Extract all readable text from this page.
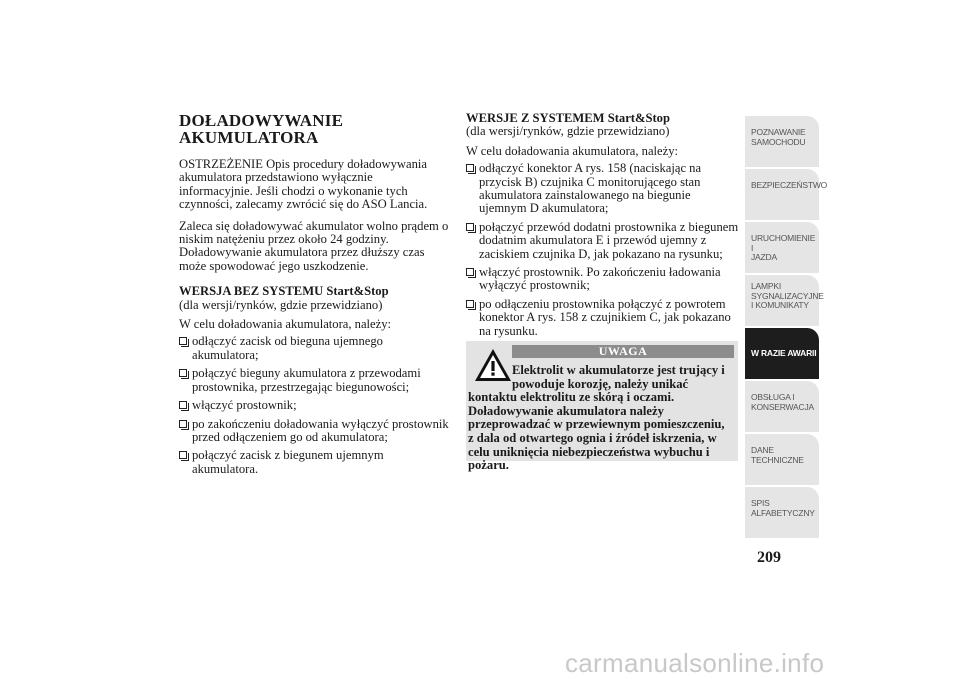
DOŁADOWYWANIE
AKUMULATORA

OSTRZEŻENIE Opis procedury doładowywania akumulatora przedstawiono wyłącznie informacyjnie. Jeśli chodzi o wykonanie tych czynności, zalecamy zwrócić się do ASO Lancia.

Zaleca się doładowywać akumulator wolno prądem o niskim natężeniu przez około 24 godziny. Doładowywanie akumulatora przez dłuższy czas może spowodować jego uszkodzenie.

WERSJA BEZ SYSTEMU Start&Stop

(dla wersji/rynków, gdzie przewidziano)

W celu doładowania akumulatora, należy:

odłączyć zacisk od bieguna ujemnego akumulatora;
połączyć bieguny akumulatora z przewodami prostownika, przestrzegając biegunowości;
włączyć prostownik;
po zakończeniu doładowania wyłączyć prostownik przed odłączeniem go od akumulatora;
połączyć zacisk z biegunem ujemnym akumulatora.

WERSJE Z SYSTEMEM Start&Stop

(dla wersji/rynków, gdzie przewidziano)

W celu doładowania akumulatora, należy:

odłączyć konektor A rys. 158 (naciskając na przycisk B) czujnika C monitorującego stan akumulatora zainstalowanego na biegunie ujemnym D akumulatora;
połączyć przewód dodatni prostownika z biegunem dodatnim akumulatora E i przewód ujemny z zaciskiem czujnika D, jak pokazano na rysunku;
włączyć prostownik. Po zakończeniu ładowania wyłączyć prostownik;
po odłączeniu prostownika połączyć z powrotem konektor A rys. 158 z czujnikiem C, jak pokazano na rysunku.
UWAGA
Elektrolit w akumulatorze jest trujący i powoduje korozję, należy unikać kontaktu elektrolitu ze skórą i oczami. Doładowywanie akumulatora należy przeprowadzać w przewiewnym pomieszczeniu, z dala od otwartego ognia i źródeł iskrzenia, w celu uniknięcia niebezpieczeństwa wybuchu i pożaru.
POZNAWANIE
SAMOCHODU
BEZPIECZEŃSTWO
URUCHOMIENIE I
JAZDA
LAMPKI
SYGNALIZACYJNE
I KOMUNIKATY
W RAZIE AWARII
OBSŁUGA I
KONSERWACJA
DANE
TECHNICZNE
SPIS
ALFABETYCZNY
209
carmanualsonline.info
